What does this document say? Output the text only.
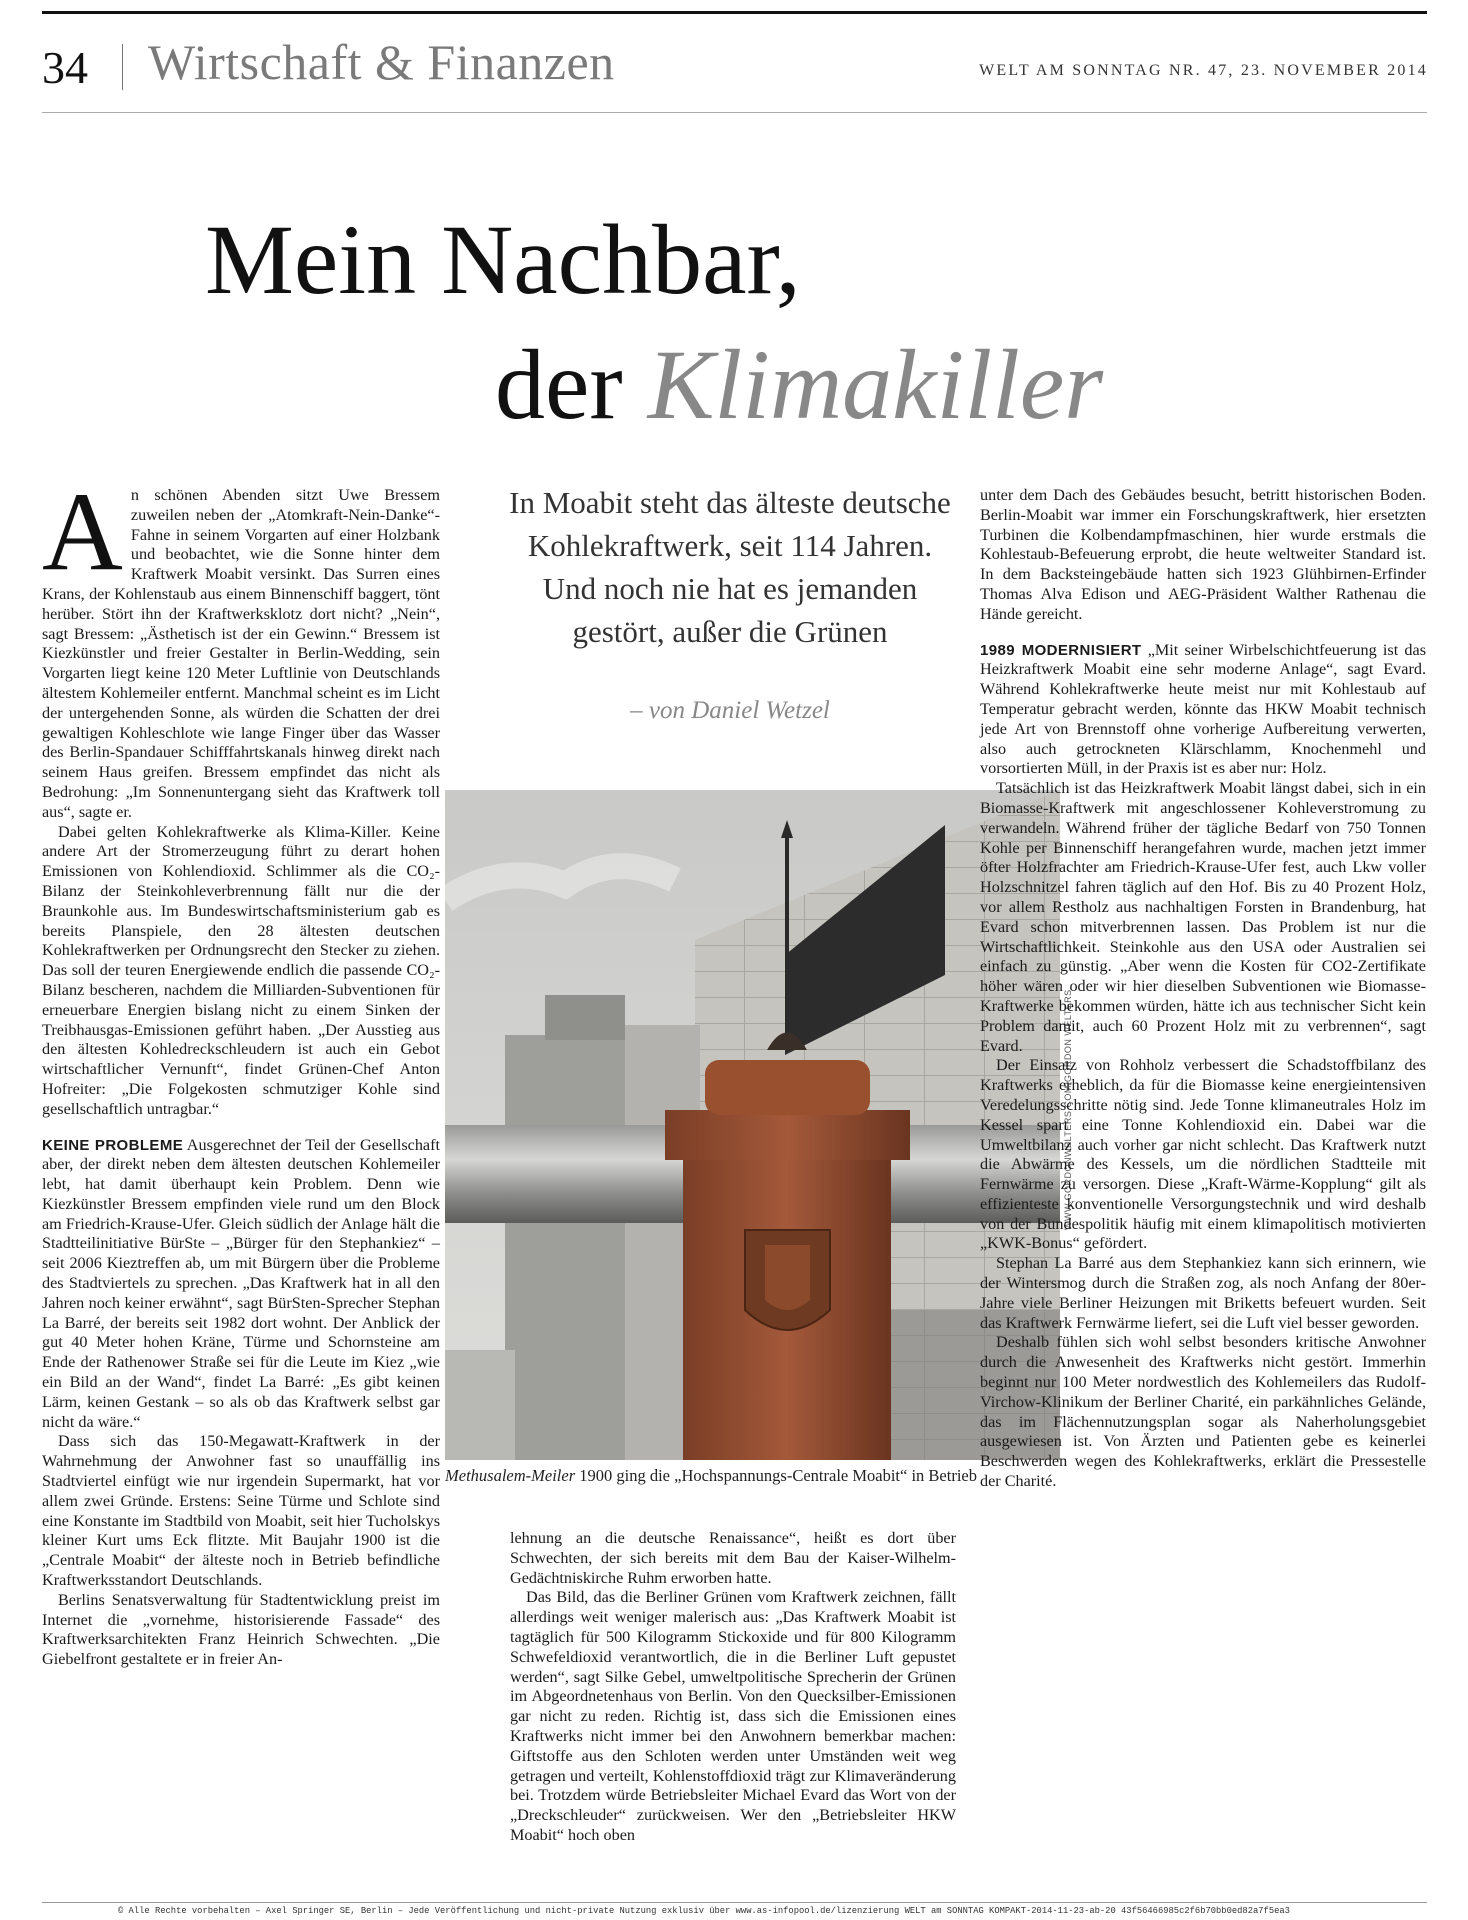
34 Wirtschaft & Finanzen	WELT AM SONNTAG NR. 47, 23. NOVEMBER 2014
Mein Nachbar,
der Klimakiller
In Moabit steht das älteste deutsche Kohlekraftwerk, seit 114 Jahren. Und noch nie hat es jemanden gestört, außer die Grünen
– von Daniel Wetzel

An schönen Abenden sitzt Uwe Bressem zuweilen neben der „Atomkraft-Nein-Danke“-Fahne in seinem Vorgarten auf einer Holzbank und beobachtet, wie die Sonne hinter dem Kraftwerk Moabit versinkt. Das Surren eines Krans, der Kohlenstaub aus einem Binnenschiff baggert, tönt herüber. Stört ihn der Kraftwerksklotz dort nicht? „Nein“, sagt Bressem: „Ästhetisch ist der ein Gewinn.“ Bressem ist Kiezkünstler und freier Gestalter in Berlin-Wedding, sein Vorgarten liegt keine 120 Meter Luftlinie von Deutschlands ältestem Kohlemeiler entfernt. Manchmal scheint es im Licht der untergehenden Sonne, als würden die Schatten der drei gewaltigen Kohleschlote wie lange Finger über das Wasser des Berlin-Spandauer Schifffahrtskanals hinweg direkt nach seinem Haus greifen. Bressem empfindet das nicht als Bedrohung: „Im Sonnenuntergang sieht das Kraftwerk toll aus“, sagte er.

Dabei gelten Kohlekraftwerke als Klima-Killer. Keine andere Art der Stromerzeugung führt zu derart hohen Emissionen von Kohlendioxid. Schlimmer als die CO₂-Bilanz der Steinkohleverbrennung fällt nur die der Braunkohle aus. Im Bundeswirtschaftsministerium gab es bereits Planspiele, den 28 ältesten deutschen Kohlekraftwerken per Ordnungsrecht den Stecker zu ziehen. Das soll der teuren Energiewende endlich die passende CO₂-Bilanz bescheren, nachdem die Milliarden-Subventionen für erneuerbare Energien bislang nicht zu einem Sinken der Treibhausgas-Emissionen geführt haben. „Der Ausstieg aus den ältesten Kohledreckschleudern ist auch ein Gebot wirtschaftlicher Vernunft“, findet Grünen-Chef Anton Hofreiter: „Die Folgekosten schmutziger Kohle sind gesellschaftlich untragbar.“

KEINE PROBLEME Ausgerechnet der Teil der Gesellschaft aber, der direkt neben dem ältesten deutschen Kohlemeiler lebt, hat damit überhaupt kein Problem. Denn wie Kiezkünstler Bressem empfinden viele rund um den Block am Friedrich-Krause-Ufer. Gleich südlich der Anlage hält die Stadtteilinitiative BürSte – „Bürger für den Stephankiez“ – seit 2006 Kieztreffen ab, um mit Bürgern über die Probleme des Stadtviertels zu sprechen. „Das Kraftwerk hat in all den Jahren noch keiner erwähnt“, sagt BürSten-Sprecher Stephan La Barré, der bereits seit 1982 dort wohnt. Der Anblick der gut 40 Meter hohen Kräne, Türme und Schornsteine am Ende der Rathenower Straße sei für die Leute im Kiez „wie ein Bild an der Wand“, findet La Barré: „Es gibt keinen Lärm, keinen Gestank – so als ob das Kraftwerk selbst gar nicht da wäre.“

Dass sich das 150-Megawatt-Kraftwerk in der Wahrnehmung der Anwohner fast so unauffällig ins Stadtviertel einfügt wie nur irgendein Supermarkt, hat vor allem zwei Gründe. Erstens: Seine Türme und Schlote sind eine Konstante im Stadtbild von Moabit, seit hier Tucholskys kleiner Kurt ums Eck flitzte. Mit Baujahr 1900 ist die „Centrale Moabit“ der älteste noch in Betrieb befindliche Kraftwerksstandort Deutschlands.

Berlins Senatsverwaltung für Stadtentwicklung preist im Internet die „vornehme, historisierende Fassade“ des Kraftwerksarchitekten Franz Heinrich Schwechten. „Die Giebelfront gestaltete er in freier An-

WWW.GORDONWELTERS.COM/GORDON WELTERS
Methusalem-Meiler 1900 ging die „Hochspannungs-Centrale Moabit“ in Betrieb

lehnung an die deutsche Renaissance“, heißt es dort über Schwechten, der sich bereits mit dem Bau der Kaiser-Wilhelm-Gedächtniskirche Ruhm erworben hatte.

Das Bild, das die Berliner Grünen vom Kraftwerk zeichnen, fällt allerdings weit weniger malerisch aus: „Das Kraftwerk Moabit ist tagtäglich für 500 Kilogramm Stickoxide und für 800 Kilogramm Schwefeldioxid verantwortlich, die in die Berliner Luft gepustet werden“, sagt Silke Gebel, umweltpolitische Sprecherin der Grünen im Abgeordnetenhaus von Berlin. Von den Quecksilber-Emissionen gar nicht zu reden. Richtig ist, dass sich die Emissionen eines Kraftwerks nicht immer bei den Anwohnern bemerkbar machen: Giftstoffe aus den Schloten werden unter Umständen weit weg getragen und verteilt, Kohlenstoffdioxid trägt zur Klimaveränderung bei. Trotzdem würde Betriebsleiter Michael Evard das Wort von der „Dreckschleuder“ zurückweisen. Wer den „Betriebsleiter HKW Moabit“ hoch oben

unter dem Dach des Gebäudes besucht, betritt historischen Boden. Berlin-Moabit war immer ein Forschungskraftwerk, hier ersetzten Turbinen die Kolbendampfmaschinen, hier wurde erstmals die Kohlestaub-Befeuerung erprobt, die heute weltweiter Standard ist. In dem Backsteingebäude hatten sich 1923 Glühbirnen-Erfinder Thomas Alva Edison und AEG-Präsident Walther Rathenau die Hände gereicht.

1989 MODERNISIERT „Mit seiner Wirbelschichtfeuerung ist das Heizkraftwerk Moabit eine sehr moderne Anlage“, sagt Evard. Während Kohlekraftwerke heute meist nur mit Kohlestaub auf Temperatur gebracht werden, könnte das HKW Moabit technisch jede Art von Brennstoff ohne vorherige Aufbereitung verwerten, also auch getrockneten Klärschlamm, Knochenmehl und vorsortierten Müll, in der Praxis ist es aber nur: Holz.

Tatsächlich ist das Heizkraftwerk Moabit längst dabei, sich in ein Biomasse-Kraftwerk mit angeschlossener Kohleverstromung zu verwandeln. Während früher der tägliche Bedarf von 750 Tonnen Kohle per Binnenschiff herangefahren wurde, machen jetzt immer öfter Holzfrachter am Friedrich-Krause-Ufer fest, auch Lkw voller Holzschnitzel fahren täglich auf den Hof. Bis zu 40 Prozent Holz, vor allem Restholz aus nachhaltigen Forsten in Brandenburg, hat Evard schon mitverbrennen lassen. Das Problem ist nur die Wirtschaftlichkeit. Steinkohle aus den USA oder Australien sei einfach zu günstig. „Aber wenn die Kosten für CO2-Zertifikate höher wären oder wir hier dieselben Subventionen wie Biomasse-Kraftwerke bekommen würden, hätte ich aus technischer Sicht kein Problem damit, auch 60 Prozent Holz mit zu verbrennen“, sagt Evard.

Der Einsatz von Rohholz verbessert die Schadstoffbilanz des Kraftwerks erheblich, da für die Biomasse keine energieintensiven Veredelungsschritte nötig sind. Jede Tonne klimaneutrales Holz im Kessel spart eine Tonne Kohlendioxid ein. Dabei war die Umweltbilanz auch vorher gar nicht schlecht. Das Kraftwerk nutzt die Abwärme des Kessels, um die nördlichen Stadtteile mit Fernwärme zu versorgen. Diese „Kraft-Wärme-Kopplung“ gilt als effizienteste konventionelle Versorgungstechnik und wird deshalb von der Bundespolitik häufig mit einem klimapolitisch motivierten „KWK-Bonus“ gefördert.

Stephan La Barré aus dem Stephankiez kann sich erinnern, wie der Wintersmog durch die Straßen zog, als noch Anfang der 80er-Jahre viele Berliner Heizungen mit Briketts befeuert wurden. Seit das Kraftwerk Fernwärme liefert, sei die Luft viel besser geworden.

Deshalb fühlen sich wohl selbst besonders kritische Anwohner durch die Anwesenheit des Kraftwerks nicht gestört. Immerhin beginnt nur 100 Meter nordwestlich des Kohlemeilers das Rudolf-Virchow-Klinikum der Berliner Charité, ein parkähnliches Gelände, das im Flächennutzungsplan sogar als Naherholungsgebiet ausgewiesen ist. Von Ärzten und Patienten gebe es keinerlei Beschwerden wegen des Kohlekraftwerks, erklärt die Pressestelle der Charité.

© Alle Rechte vorbehalten – Axel Springer SE, Berlin – Jede Veröffentlichung und nicht-private Nutzung exklusiv über www.as-infopool.de/lizenzierung WELT am SONNTAG KOMPAKT-2014-11-23-ab-20 43f56466985c2f6b70bb0ed82a7f5ea3
